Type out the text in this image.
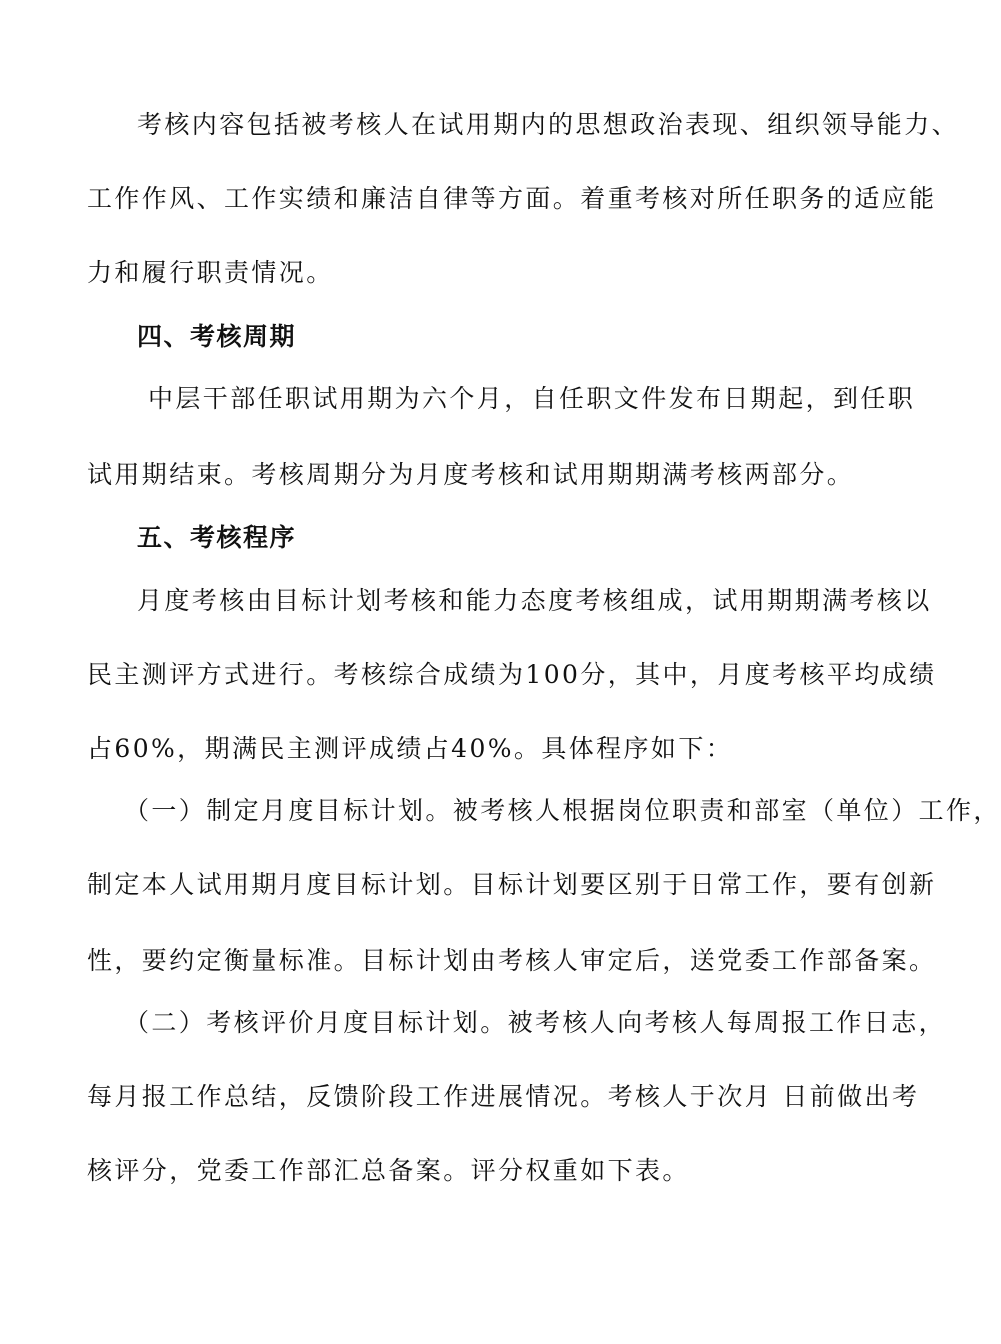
考核内容包括被考核人在试用期内的思想政治表现、组织领导能力、
工作作风、工作实绩和廉洁自律等方面。着重考核对所任职务的适应能
力和履行职责情况。
四、考核周期
中层干部任职试用期为六个月，自任职文件发布日期起，到任职
试用期结束。考核周期分为月度考核和试用期期满考核两部分。
五、考核程序
月度考核由目标计划考核和能力态度考核组成，试用期期满考核以
民主测评方式进行。考核综合成绩为100分，其中，月度考核平均成绩
占60%，期满民主测评成绩占40%。具体程序如下：
（一）制定月度目标计划。被考核人根据岗位职责和部室（单位）工作，
制定本人试用期月度目标计划。目标计划要区别于日常工作，要有创新
性，要约定衡量标准。目标计划由考核人审定后，送党委工作部备案。
（二）考核评价月度目标计划。被考核人向考核人每周报工作日志，
每月报工作总结，反馈阶段工作进展情况。考核人于次月 日前做出考
核评分，党委工作部汇总备案。评分权重如下表。
